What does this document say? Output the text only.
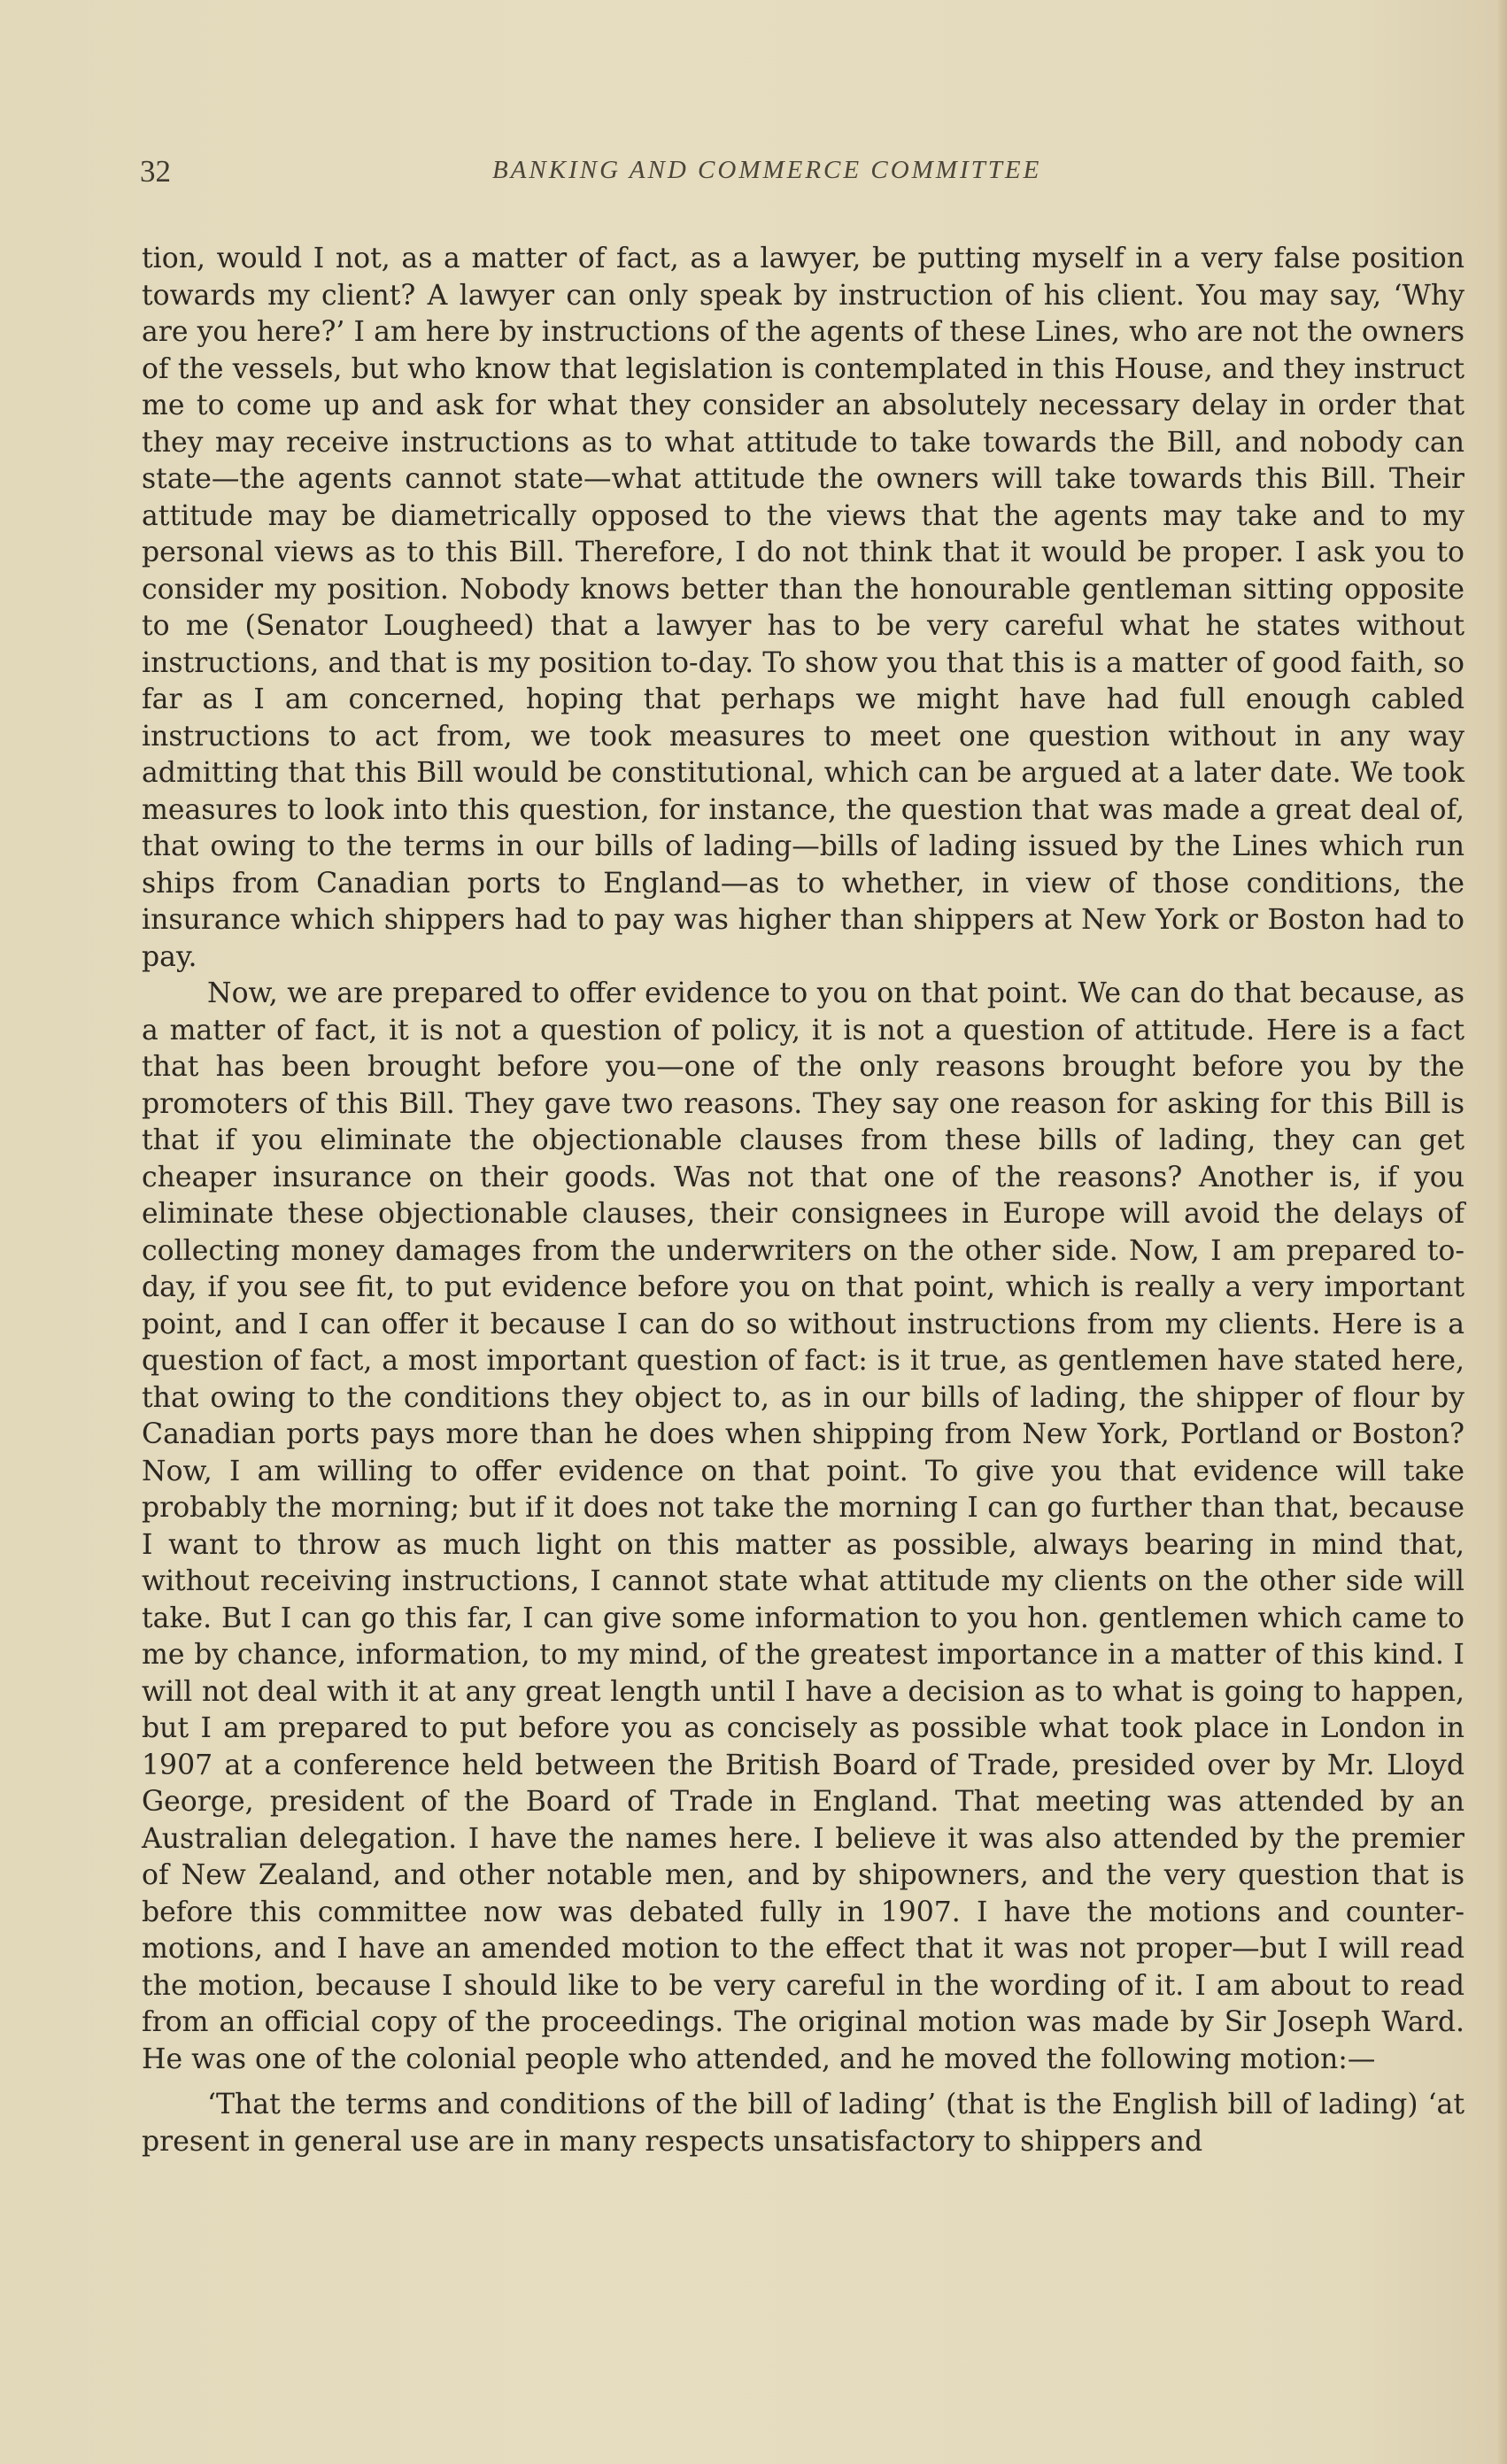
32	BANKING AND COMMERCE COMMITTEE

tion, would I not, as a matter of fact, as a lawyer, be putting myself in a very false position towards my client? A lawyer can only speak by instruction of his client. You may say, ‘Why are you here?’ I am here by instructions of the agents of these Lines, who are not the owners of the vessels, but who know that legislation is contemplated in this House, and they instruct me to come up and ask for what they consider an absolutely necessary delay in order that they may receive instructions as to what attitude to take towards the Bill, and nobody can state—the agents cannot state—what attitude the owners will take towards this Bill. Their attitude may be diametrically opposed to the views that the agents may take and to my personal views as to this Bill. Therefore, I do not think that it would be proper. I ask you to consider my position. Nobody knows better than the honourable gentleman sitting opposite to me (Senator Lougheed) that a lawyer has to be very careful what he states without instructions, and that is my position to-day. To show you that this is a matter of good faith, so far as I am concerned, hoping that perhaps we might have had full enough cabled instructions to act from, we took measures to meet one question without in any way admitting that this Bill would be constitutional, which can be argued at a later date. We took measures to look into this question, for instance, the question that was made a great deal of, that owing to the terms in our bills of lading—bills of lading issued by the Lines which run ships from Canadian ports to England—as to whether, in view of those conditions, the insurance which shippers had to pay was higher than shippers at New York or Boston had to pay.

Now, we are prepared to offer evidence to you on that point. We can do that because, as a matter of fact, it is not a question of policy, it is not a question of attitude. Here is a fact that has been brought before you—one of the only reasons brought before you by the promoters of this Bill. They gave two reasons. They say one reason for asking for this Bill is that if you eliminate the objectionable clauses from these bills of lading, they can get cheaper insurance on their goods. Was not that one of the reasons? Another is, if you eliminate these objectionable clauses, their consignees in Europe will avoid the delays of collecting money damages from the underwriters on the other side. Now, I am prepared to-day, if you see fit, to put evidence before you on that point, which is really a very important point, and I can offer it because I can do so without instructions from my clients. Here is a question of fact, a most important question of fact: is it true, as gentlemen have stated here, that owing to the conditions they object to, as in our bills of lading, the shipper of flour by Canadian ports pays more than he does when shipping from New York, Portland or Boston? Now, I am willing to offer evidence on that point. To give you that evidence will take probably the morning; but if it does not take the morning I can go further than that, because I want to throw as much light on this matter as possible, always bearing in mind that, without receiving instructions, I cannot state what attitude my clients on the other side will take. But I can go this far, I can give some information to you hon. gentlemen which came to me by chance, information, to my mind, of the greatest importance in a matter of this kind. I will not deal with it at any great length until I have a decision as to what is going to happen, but I am prepared to put before you as concisely as possible what took place in London in 1907 at a conference held between the British Board of Trade, presided over by Mr. Lloyd George, president of the Board of Trade in England. That meeting was attended by an Australian delegation. I have the names here. I believe it was also attended by the premier of New Zealand, and other notable men, and by shipowners, and the very question that is before this committee now was debated fully in 1907. I have the motions and counter-motions, and I have an amended motion to the effect that it was not proper—but I will read the motion, because I should like to be very careful in the wording of it. I am about to read from an official copy of the proceedings. The original motion was made by Sir Joseph Ward. He was one of the colonial people who attended, and he moved the following motion:—

‘That the terms and conditions of the bill of lading’ (that is the English bill of lading) ‘at present in general use are in many respects unsatisfactory to shippers and
